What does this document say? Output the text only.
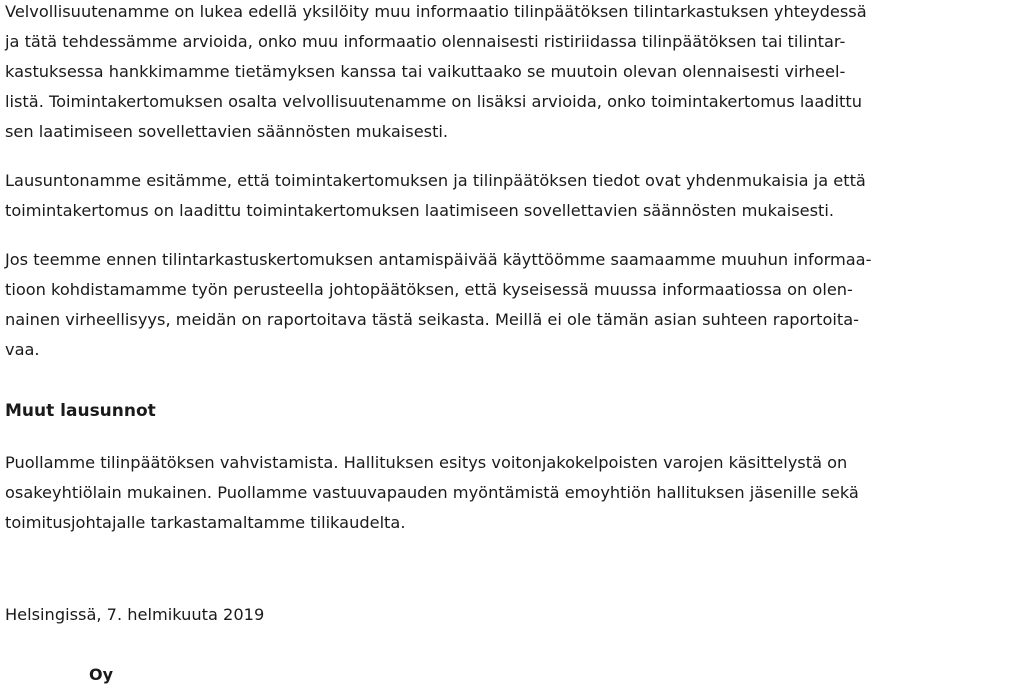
Velvollisuutenamme on lukea edellä yksilöity muu informaatio tilinpäätöksen tilintarkastuksen yhteydessä
ja tätä tehdessämme arvioida, onko muu informaatio olennaisesti ristiriidassa tilinpäätöksen tai tilintar-
kastuksessa hankkimamme tietämyksen kanssa tai vaikuttaako se muutoin olevan olennaisesti virheel-
listä. Toimintakertomuksen osalta velvollisuutenamme on lisäksi arvioida, onko toimintakertomus laadittu
sen laatimiseen sovellettavien säännösten mukaisesti.

Lausuntonamme esitämme, että toimintakertomuksen ja tilinpäätöksen tiedot ovat yhdenmukaisia ja että
toimintakertomus on laadittu toimintakertomuksen laatimiseen sovellettavien säännösten mukaisesti.

Jos teemme ennen tilintarkastuskertomuksen antamispäivää käyttöömme saamaamme muuhun informaa-
tioon kohdistamamme työn perusteella johtopäätöksen, että kyseisessä muussa informaatiossa on olen-
nainen virheellisyys, meidän on raportoitava tästä seikasta. Meillä ei ole tämän asian suhteen raportoita-
vaa.

Muut lausunnot

Puollamme tilinpäätöksen vahvistamista. Hallituksen esitys voitonjakokelpoisten varojen käsittelystä on
osakeyhtiölain mukainen. Puollamme vastuuvapauden myöntämistä emoyhtiön hallituksen jäsenille sekä
toimitusjohtajalle tarkastamaltamme tilikaudelta.

Helsingissä, 7. helmikuuta 2019

Oy
